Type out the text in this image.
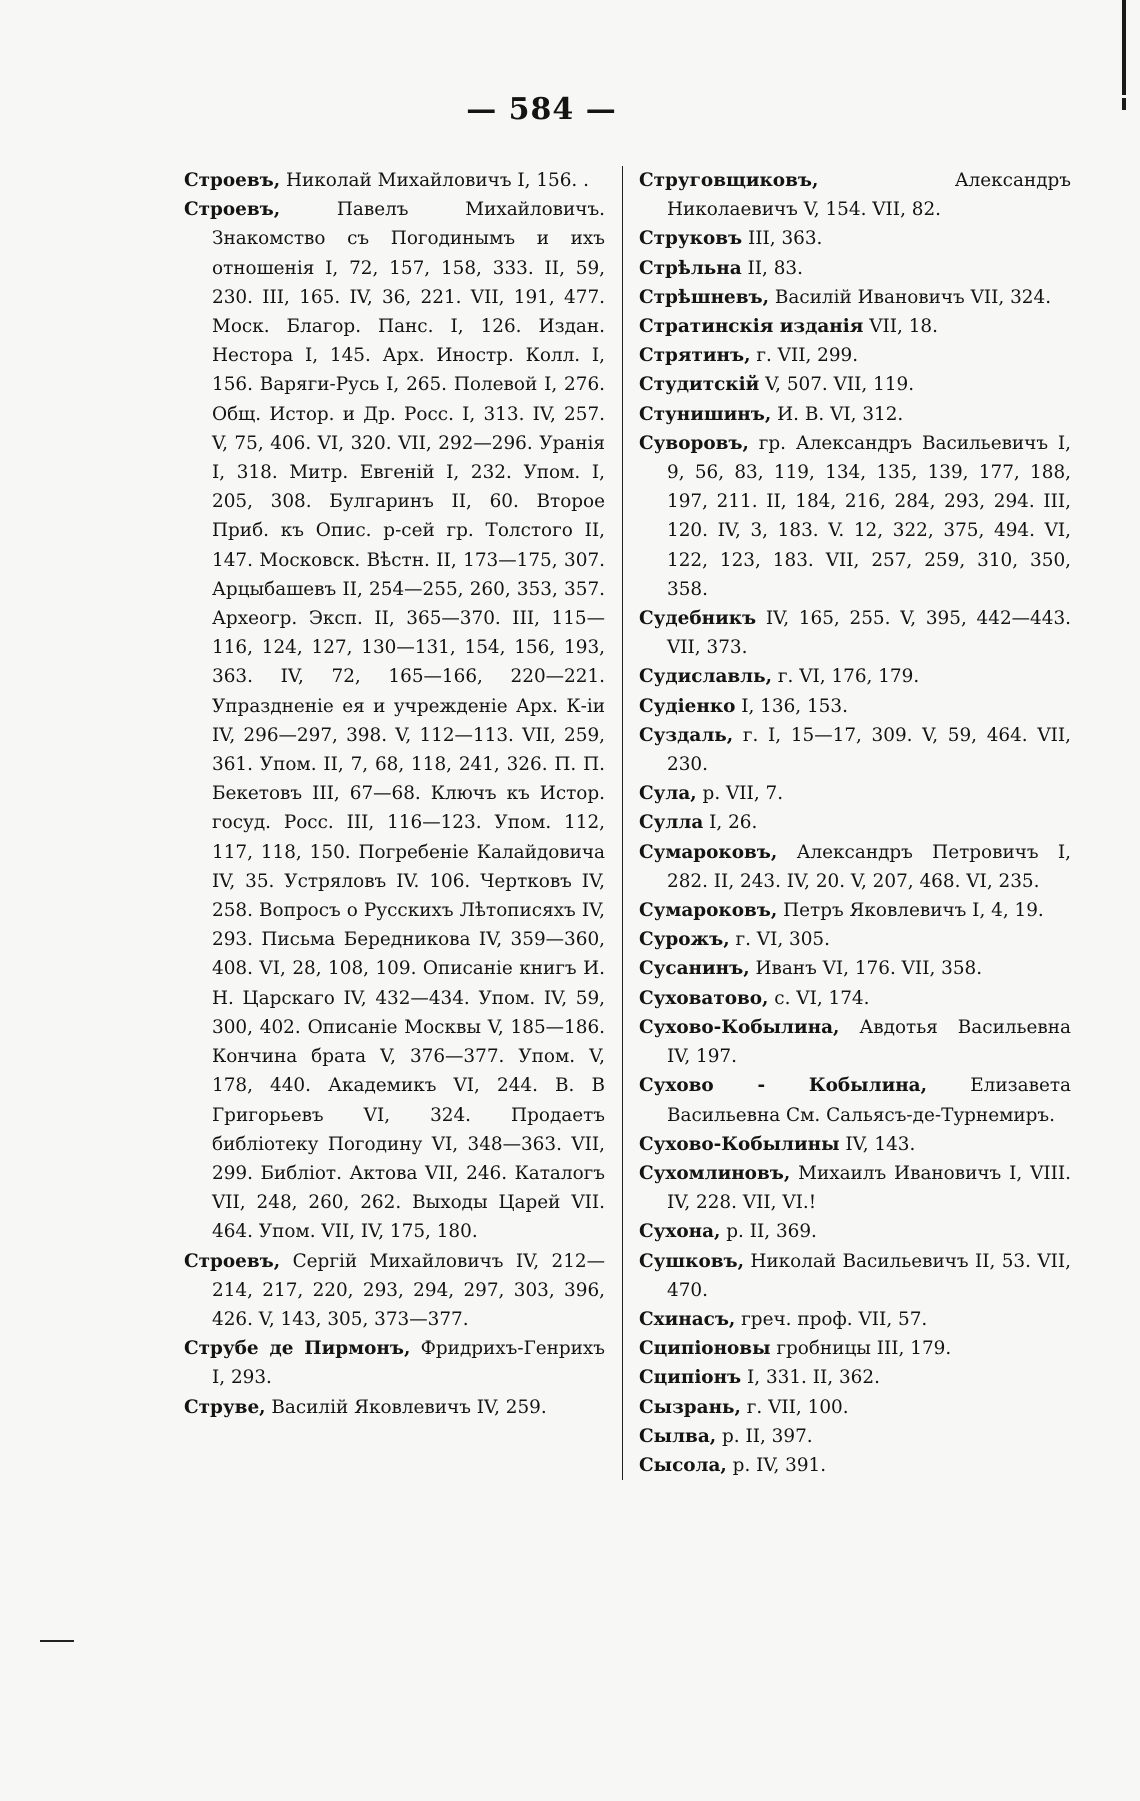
— 584 —

Строевъ, Николай Михайловичъ I, 156. .

Строевъ, Павелъ Михайловичъ. Знакомство съ Погодинымъ и ихъ отношенія I, 72, 157, 158, 333. II, 59, 230. III, 165. IV, 36, 221. VII, 191, 477. Моск. Благор. Панс. I, 126. Издан. Нестора I, 145. Арх. Иностр. Колл. I, 156. Варяги-Русь I, 265. Полевой I, 276. Общ. Истор. и Др. Росс. I, 313. IV, 257. V, 75, 406. VI, 320. VII, 292—296. Уранія I, 318. Митр. Евгеній I, 232. Упом. I, 205, 308. Булгаринъ II, 60. Второе Приб. къ Опис. р-сей гр. Толстого II, 147. Московск. Вѣстн. II, 173—175, 307. Арцыбашевъ II, 254—255, 260, 353, 357. Археогр. Эксп. II, 365—370. III, 115—116, 124, 127, 130—131, 154, 156, 193, 363. IV, 72, 165—166, 220—221. Упраздненіе ея и учрежденіе Арх. К-іи IV, 296—297, 398. V, 112—113. VII, 259, 361. Упом. II, 7, 68, 118, 241, 326. П. П. Бекетовъ III, 67—68. Ключъ къ Истор. госуд. Росс. III, 116—123. Упом. 112, 117, 118, 150. Погребеніе Калайдовича IV, 35. Устряловъ IV. 106. Чертковъ IV, 258. Вопросъ о Русскихъ Лѣтописяхъ IV, 293. Письма Бередникова IV, 359—360, 408. VI, 28, 108, 109. Описаніе книгъ И. Н. Царскаго IV, 432—434. Упом. IV, 59, 300, 402. Описаніе Москвы V, 185—186. Кончина брата V, 376—377. Упом. V, 178, 440. Академикъ VI, 244. В. В Григорьевъ VI, 324. Продаетъ библіотеку Погодину VI, 348—363. VII, 299. Библіот. Актова VII, 246. Каталогъ VII, 248, 260, 262. Выходы Царей VII. 464. Упом. VII, IV, 175, 180.

Строевъ, Сергій Михайловичъ IV, 212—214, 217, 220, 293, 294, 297, 303, 396, 426. V, 143, 305, 373—377.

Струбе де Пирмонъ, Фридрихъ-Генрихъ I, 293.

Струве, Василій Яковлевичъ IV, 259.

Струговщиковъ, Александръ Николаевичъ V, 154. VII, 82.

Струковъ III, 363.

Стрѣльна II, 83.

Стрѣшневъ, Василій Ивановичъ VII, 324.

Стратинскія изданія VII, 18.

Стрятинъ, г. VII, 299.

Студитскій V, 507. VII, 119.

Стунишинъ, И. В. VI, 312.

Суворовъ, гр. Александръ Васильевичъ I, 9, 56, 83, 119, 134, 135, 139, 177, 188, 197, 211. II, 184, 216, 284, 293, 294. III, 120. IV, 3, 183. V. 12, 322, 375, 494. VI, 122, 123, 183. VII, 257, 259, 310, 350, 358.

Судебникъ IV, 165, 255. V, 395, 442—443. VII, 373.

Судиславль, г. VI, 176, 179.

Судіенко I, 136, 153.

Суздаль, г. I, 15—17, 309. V, 59, 464. VII, 230.

Сула, р. VII, 7.

Сулла I, 26.

Сумароковъ, Александръ Петровичъ I, 282. II, 243. IV, 20. V, 207, 468. VI, 235.

Сумароковъ, Петръ Яковлевичъ I, 4, 19.

Сурожъ, г. VI, 305.

Сусанинъ, Иванъ VI, 176. VII, 358.

Суховатово, с. VI, 174.

Сухово-Кобылина, Авдотья Васильевна IV, 197.

Сухово - Кобылина, Елизавета Васильевна См. Сальясъ-де-Турнемиръ.

Сухово-Кобылины IV, 143.

Сухомлиновъ, Михаилъ Ивановичъ I, VIII. IV, 228. VII, VI.!

Сухона, р. II, 369.

Сушковъ, Николай Васильевичъ II, 53. VII, 470.

Схинасъ, греч. проф. VII, 57.

Сципіоновы гробницы III, 179.

Сципіонъ I, 331. II, 362.

Сызрань, г. VII, 100.

Сылва, р. II, 397.

Сысола, р. IV, 391.
